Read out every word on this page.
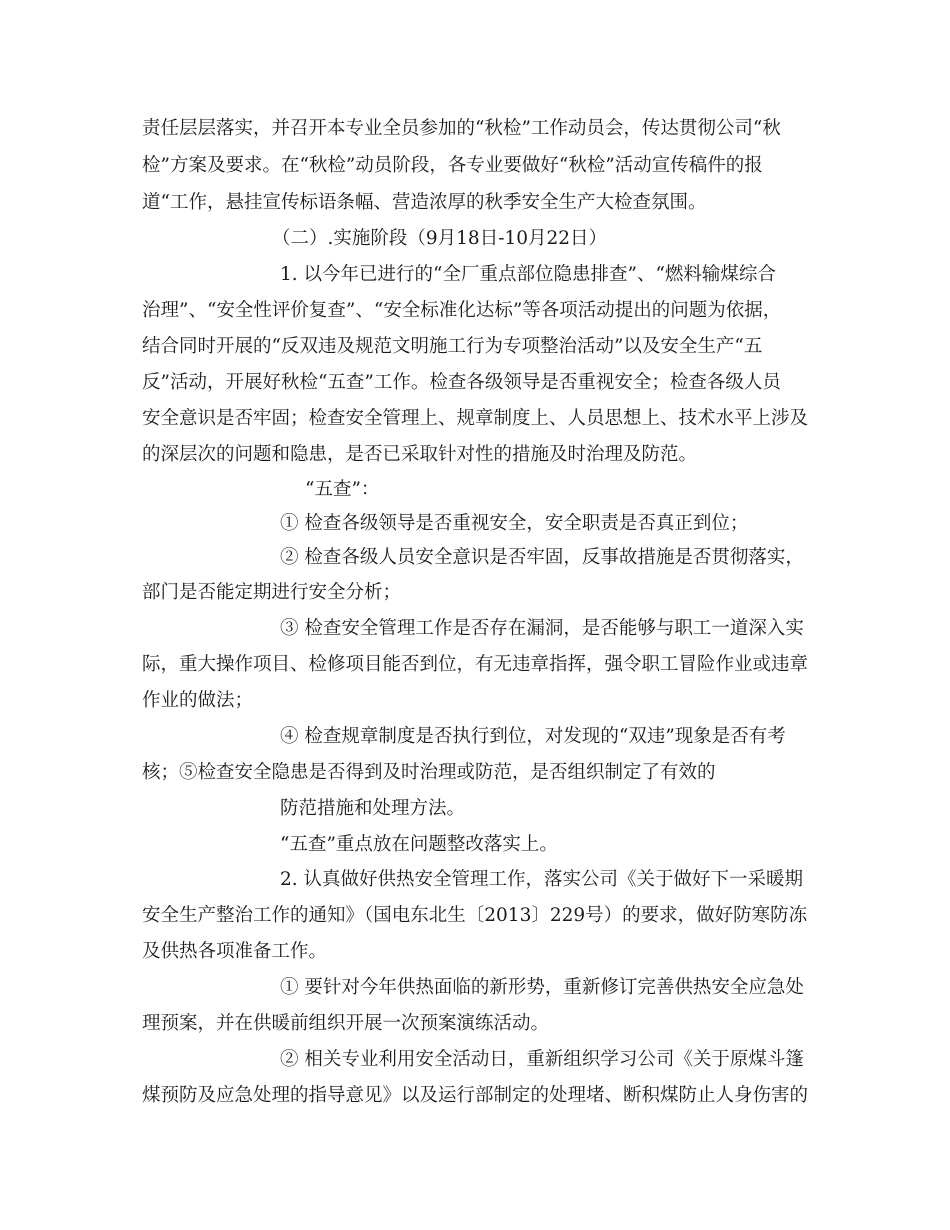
责任层层落实，并召开本专业全员参加的“秋检”工作动员会，传达贯彻公司“秋
检”方案及要求。在“秋检”动员阶段，各专业要做好“秋检”活动宣传稿件的报
道“工作，悬挂宣传标语条幅、营造浓厚的秋季安全生产大检查氛围。
（二）.实施阶段（9月18日-10月22日）
1. 以今年已进行的“全厂重点部位隐患排查”、“燃料输煤综合
治理”、“安全性评价复查”、“安全标准化达标”等各项活动提出的问题为依据，
结合同时开展的“反双违及规范文明施工行为专项整治活动”以及安全生产“五
反”活动，开展好秋检“五查”工作。检查各级领导是否重视安全；检查各级人员
安全意识是否牢固；检查安全管理上、规章制度上、人员思想上、技术水平上涉及
的深层次的问题和隐患，是否已采取针对性的措施及时治理及防范。
“五查”：
① 检查各级领导是否重视安全，安全职责是否真正到位；
② 检查各级人员安全意识是否牢固，反事故措施是否贯彻落实，
部门是否能定期进行安全分析；
③ 检查安全管理工作是否存在漏洞，是否能够与职工一道深入实
际，重大操作项目、检修项目能否到位，有无违章指挥，强令职工冒险作业或违章
作业的做法；
④ 检查规章制度是否执行到位，对发现的“双违”现象是否有考
核；⑤检查安全隐患是否得到及时治理或防范，是否组织制定了有效的
防范措施和处理方法。
“五查”重点放在问题整改落实上。
2. 认真做好供热安全管理工作，落实公司《关于做好下一采暖期
安全生产整治工作的通知》（国电东北生〔2013〕229号）的要求，做好防寒防冻
及供热各项准备工作。
① 要针对今年供热面临的新形势，重新修订完善供热安全应急处
理预案，并在供暖前组织开展一次预案演练活动。
② 相关专业利用安全活动日，重新组织学习公司《关于原煤斗篷
煤预防及应急处理的指导意见》以及运行部制定的处理堵、断积煤防止人身伤害的
